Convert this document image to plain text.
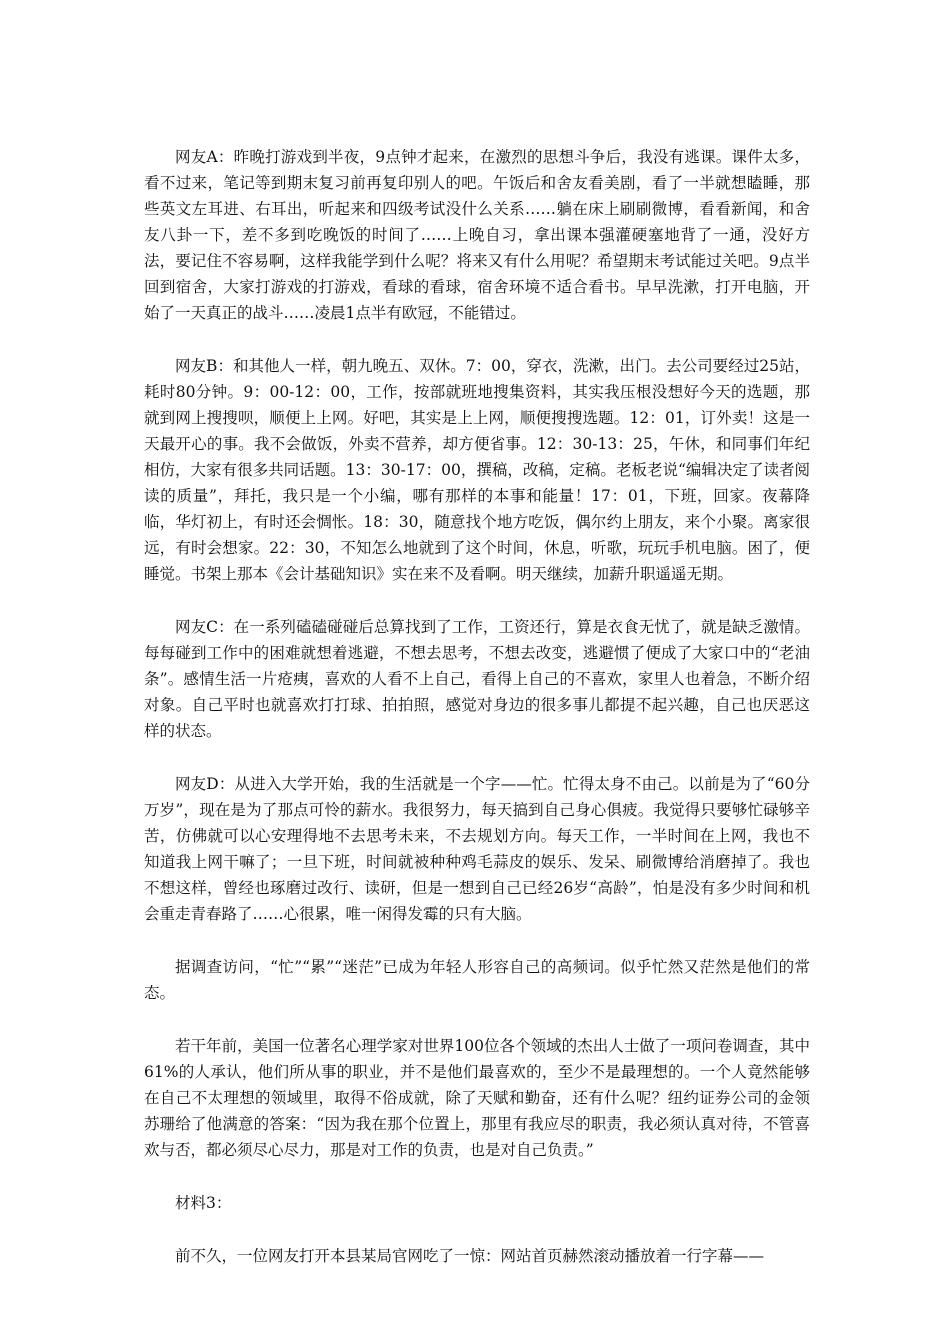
网友A：昨晚打游戏到半夜，9点钟才起来，在激烈的思想斗争后，我没有逃课。课件太多，看不过来，笔记等到期末复习前再复印别人的吧。午饭后和舍友看美剧，看了一半就想瞌睡，那些英文左耳进、右耳出，听起来和四级考试没什么关系……躺在床上刷刷微博，看看新闻，和舍友八卦一下，差不多到吃晚饭的时间了……上晚自习，拿出课本强灌硬塞地背了一通，没好方法，要记住不容易啊，这样我能学到什么呢？将来又有什么用呢？希望期末考试能过关吧。9点半回到宿舍，大家打游戏的打游戏，看球的看球，宿舍环境不适合看书。早早洗漱，打开电脑，开始了一天真正的战斗……凌晨1点半有欧冠，不能错过。

网友B：和其他人一样，朝九晚五、双休。7：00，穿衣，洗漱，出门。去公司要经过25站，耗时80分钟。9：00-12：00，工作，按部就班地搜集资料，其实我压根没想好今天的选题，那就到网上搜搜呗，顺便上上网。好吧，其实是上上网，顺便搜搜选题。12：01，订外卖！这是一天最开心的事。我不会做饭，外卖不营养，却方便省事。12：30-13：25，午休，和同事们年纪相仿，大家有很多共同话题。13：30-17：00，撰稿，改稿，定稿。老板老说“编辑决定了读者阅读的质量”，拜托，我只是一个小编，哪有那样的本事和能量！17：01，下班，回家。夜幕降临，华灯初上，有时还会惆怅。18：30，随意找个地方吃饭，偶尔约上朋友，来个小聚。离家很远，有时会想家。22：30，不知怎么地就到了这个时间，休息，听歌，玩玩手机电脑。困了，便睡觉。书架上那本《会计基础知识》实在来不及看啊。明天继续，加薪升职遥遥无期。

网友C：在一系列磕磕碰碰后总算找到了工作，工资还行，算是衣食无忧了，就是缺乏激情。每每碰到工作中的困难就想着逃避，不想去思考，不想去改变，逃避惯了便成了大家口中的“老油条”。感情生活一片疮痍，喜欢的人看不上自己，看得上自己的不喜欢，家里人也着急，不断介绍对象。自己平时也就喜欢打打球、拍拍照，感觉对身边的很多事儿都提不起兴趣，自己也厌恶这样的状态。

网友D：从进入大学开始，我的生活就是一个字——忙。忙得太身不由己。以前是为了“60分万岁”，现在是为了那点可怜的薪水。我很努力，每天搞到自己身心俱疲。我觉得只要够忙碌够辛苦，仿佛就可以心安理得地不去思考未来，不去规划方向。每天工作，一半时间在上网，我也不知道我上网干嘛了；一旦下班，时间就被种种鸡毛蒜皮的娱乐、发呆、刷微博给消磨掉了。我也不想这样，曾经也琢磨过改行、读研，但是一想到自己已经26岁“高龄”，怕是没有多少时间和机会重走青春路了……心很累，唯一闲得发霉的只有大脑。

据调查访问，“忙”“累”“迷茫”已成为年轻人形容自己的高频词。似乎忙然又茫然是他们的常态。

若干年前，美国一位著名心理学家对世界100位各个领域的杰出人士做了一项问卷调查，其中61%的人承认，他们所从事的职业，并不是他们最喜欢的，至少不是最理想的。一个人竟然能够在自己不太理想的领域里，取得不俗成就，除了天赋和勤奋，还有什么呢？纽约证券公司的金领苏珊给了他满意的答案：“因为我在那个位置上，那里有我应尽的职责，我必须认真对待，不管喜欢与否，都必须尽心尽力，那是对工作的负责，也是对自己负责。”

材料3：

前不久，一位网友打开本县某局官网吃了一惊：网站首页赫然滚动播放着一行字幕——
